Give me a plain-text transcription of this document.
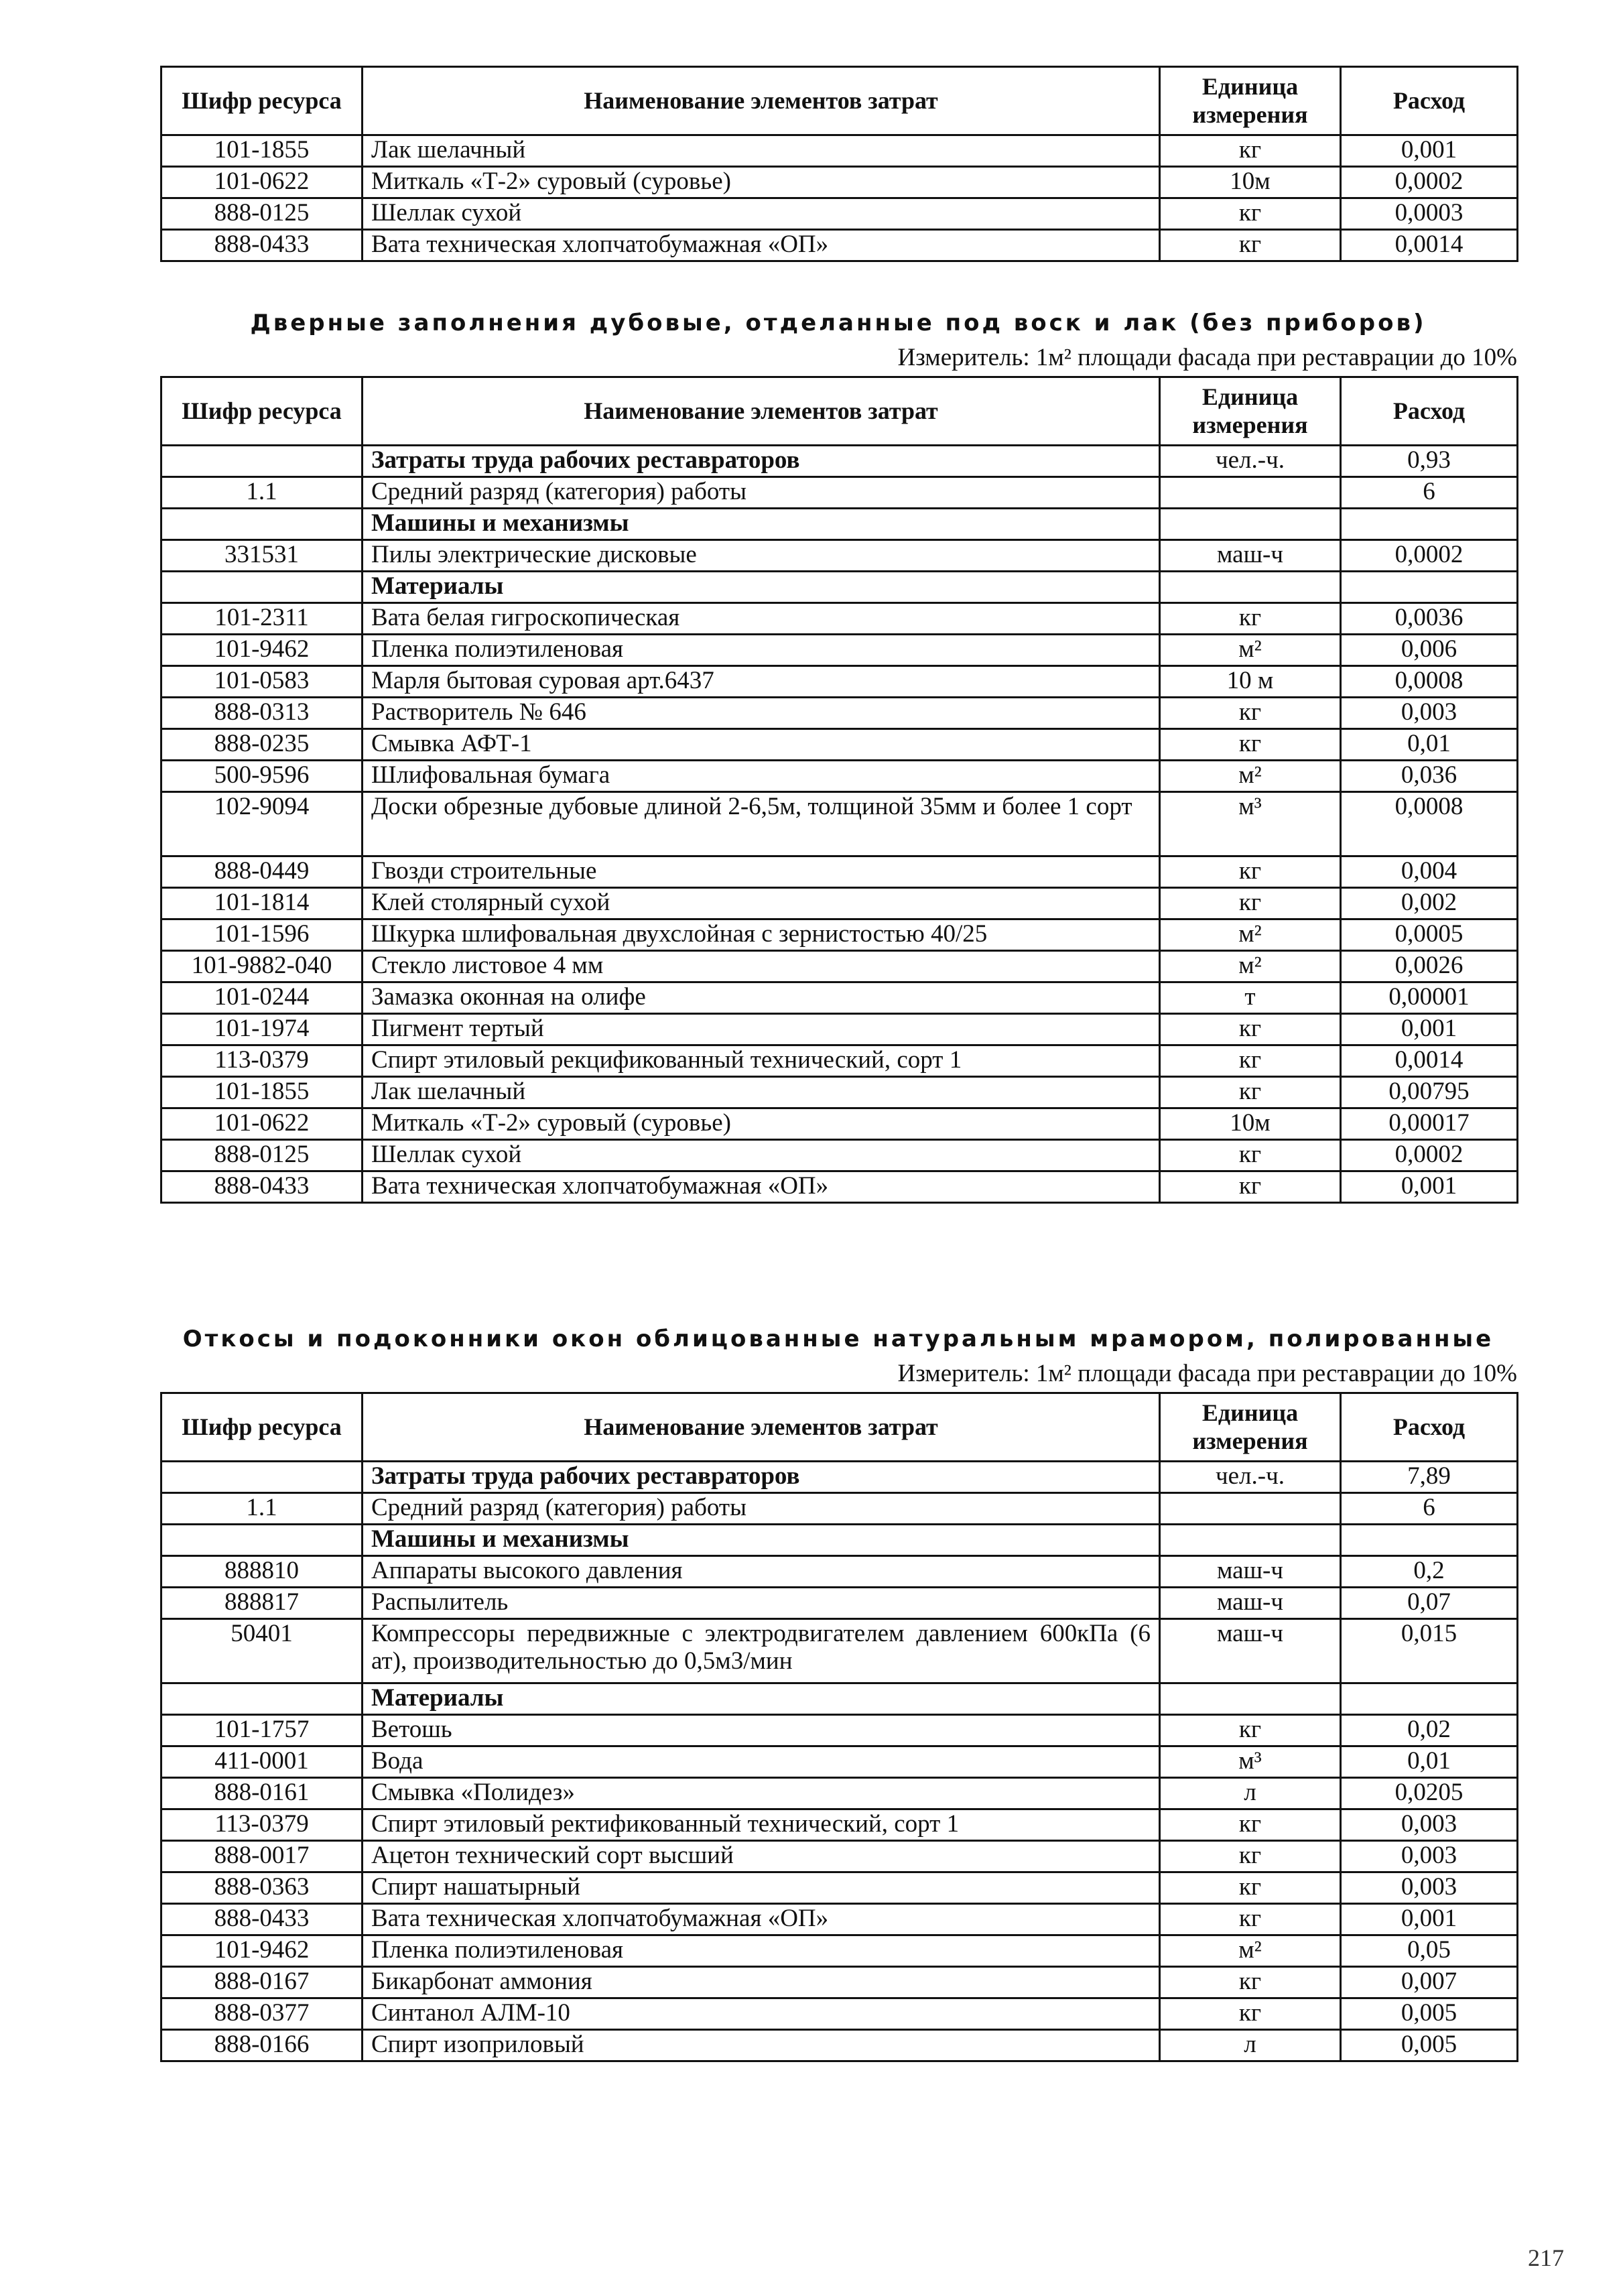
Шифр ресурса	Наименование элементов затрат	Единица измерения	Расход
101-1855	Лак шелачный	кг	0,001
101-0622	Миткаль «Т-2» суровый (суровье)	10м	0,0002
888-0125	Шеллак сухой	кг	0,0003
888-0433	Вата техническая хлопчатобумажная «ОП»	кг	0,0014
Дверные заполнения дубовые, отделанные под воск и лак (без приборов)
Измеритель: 1м² площади фасада при реставрации до 10%
Шифр ресурса	Наименование элементов затрат	Единица измерения	Расход
	Затраты труда рабочих реставраторов	чел.-ч.	0,93
1.1	Средний разряд (категория) работы		6
	Машины и механизмы		
331531	Пилы электрические дисковые	маш-ч	0,0002
	Материалы		
101-2311	Вата белая гигроскопическая	кг	0,0036
101-9462	Пленка полиэтиленовая	м²	0,006
101-0583	Марля бытовая суровая арт.6437	10 м	0,0008
888-0313	Растворитель № 646	кг	0,003
888-0235	Смывка АФТ-1	кг	0,01
500-9596	Шлифовальная бумага	м²	0,036
102-9094	Доски обрезные дубовые длиной 2-6,5м, толщиной 35мм и более 1 сорт	м³	0,0008
888-0449	Гвозди строительные	кг	0,004
101-1814	Клей столярный сухой	кг	0,002
101-1596	Шкурка шлифовальная двухслойная с зернистостью 40/25	м²	0,0005
101-9882-040	Стекло листовое 4 мм	м²	0,0026
101-0244	Замазка оконная на олифе	т	0,00001
101-1974	Пигмент тертый	кг	0,001
113-0379	Спирт этиловый рекцификованный технический, сорт 1	кг	0,0014
101-1855	Лак шелачный	кг	0,00795
101-0622	Миткаль «Т-2» суровый (суровье)	10м	0,00017
888-0125	Шеллак сухой	кг	0,0002
888-0433	Вата техническая хлопчатобумажная «ОП»	кг	0,001
Откосы и подоконники окон облицованные натуральным мрамором, полированные
Измеритель: 1м² площади фасада при реставрации до 10%
Шифр ресурса	Наименование элементов затрат	Единица измерения	Расход
	Затраты труда рабочих реставраторов	чел.-ч.	7,89
1.1	Средний разряд (категория) работы		6
	Машины и механизмы		
888810	Аппараты высокого давления	маш-ч	0,2
888817	Распылитель	маш-ч	0,07
50401	Компрессоры передвижные с электродвигателем давлением 600кПа (6 ат), производительностью до 0,5м3/мин	маш-ч	0,015
	Материалы		
101-1757	Ветошь	кг	0,02
411-0001	Вода	м³	0,01
888-0161	Смывка «Полидез»	л	0,0205
113-0379	Спирт этиловый ректификованный технический, сорт 1	кг	0,003
888-0017	Ацетон технический сорт высший	кг	0,003
888-0363	Спирт нашатырный	кг	0,003
888-0433	Вата техническая хлопчатобумажная «ОП»	кг	0,001
101-9462	Пленка полиэтиленовая	м²	0,05
888-0167	Бикарбонат аммония	кг	0,007
888-0377	Синтанол АЛМ-10	кг	0,005
888-0166	Спирт изоприловый	л	0,005
217
